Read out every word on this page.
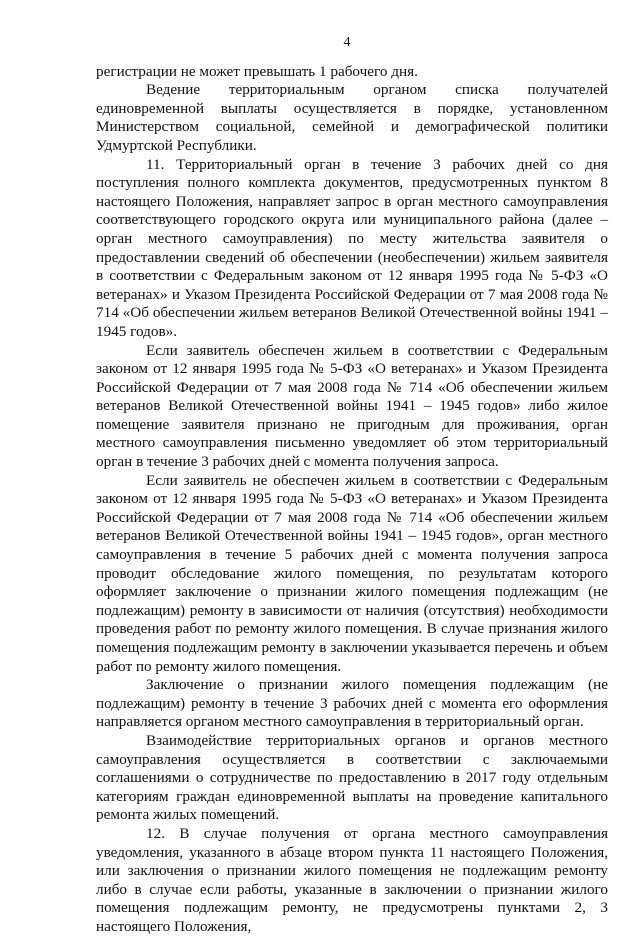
4

регистрации не может превышать 1 рабочего дня.

Ведение территориальным органом списка получателей единовременной выплаты осуществляется в порядке, установленном Министерством социальной, семейной и демографической политики Удмуртской Республики.

11. Территориальный орган в течение 3 рабочих дней со дня поступления полного комплекта документов, предусмотренных пунктом 8 настоящего Положения, направляет запрос в орган местного самоуправления соответствующего городского округа или муниципального района (далее – орган местного самоуправления) по месту жительства заявителя о предоставлении сведений об обеспечении (необеспечении) жильем заявителя в соответствии с Федеральным законом от 12 января 1995 года № 5-ФЗ «О ветеранах» и Указом Президента Российской Федерации от 7 мая 2008 года № 714 «Об обеспечении жильем ветеранов Великой Отечественной войны 1941 – 1945 годов».

Если заявитель обеспечен жильем в соответствии с Федеральным законом от 12 января 1995 года № 5-ФЗ «О ветеранах» и Указом Президента Российской Федерации от 7 мая 2008 года № 714 «Об обеспечении жильем ветеранов Великой Отечественной войны 1941 – 1945 годов» либо жилое помещение заявителя признано не пригодным для проживания, орган местного самоуправления письменно уведомляет об этом территориальный орган в течение 3 рабочих дней с момента получения запроса.

Если заявитель не обеспечен жильем в соответствии с Федеральным законом от 12 января 1995 года № 5-ФЗ «О ветеранах» и Указом Президента Российской Федерации от 7 мая 2008 года № 714 «Об обеспечении жильем ветеранов Великой Отечественной войны 1941 – 1945 годов», орган местного самоуправления в течение 5 рабочих дней с момента получения запроса проводит обследование жилого помещения, по результатам которого оформляет заключение о признании жилого помещения подлежащим (не подлежащим) ремонту в зависимости от наличия (отсутствия) необходимости проведения работ по ремонту жилого помещения. В случае признания жилого помещения подлежащим ремонту в заключении указывается перечень и объем работ по ремонту жилого помещения.

Заключение о признании жилого помещения подлежащим (не подлежащим) ремонту в течение 3 рабочих дней с момента его оформления направляется органом местного самоуправления в территориальный орган.

Взаимодействие территориальных органов и органов местного самоуправления осуществляется в соответствии с заключаемыми соглашениями о сотрудничестве по предоставлению в 2017 году отдельным категориям граждан единовременной выплаты на проведение капитального ремонта жилых помещений.

12. В случае получения от органа местного самоуправления уведомления, указанного в абзаце втором пункта 11 настоящего Положения, или заключения о признании жилого помещения не подлежащим ремонту либо в случае если работы, указанные в заключении о признании жилого помещения подлежащим ремонту, не предусмотрены пунктами 2, 3 настоящего Положения,
